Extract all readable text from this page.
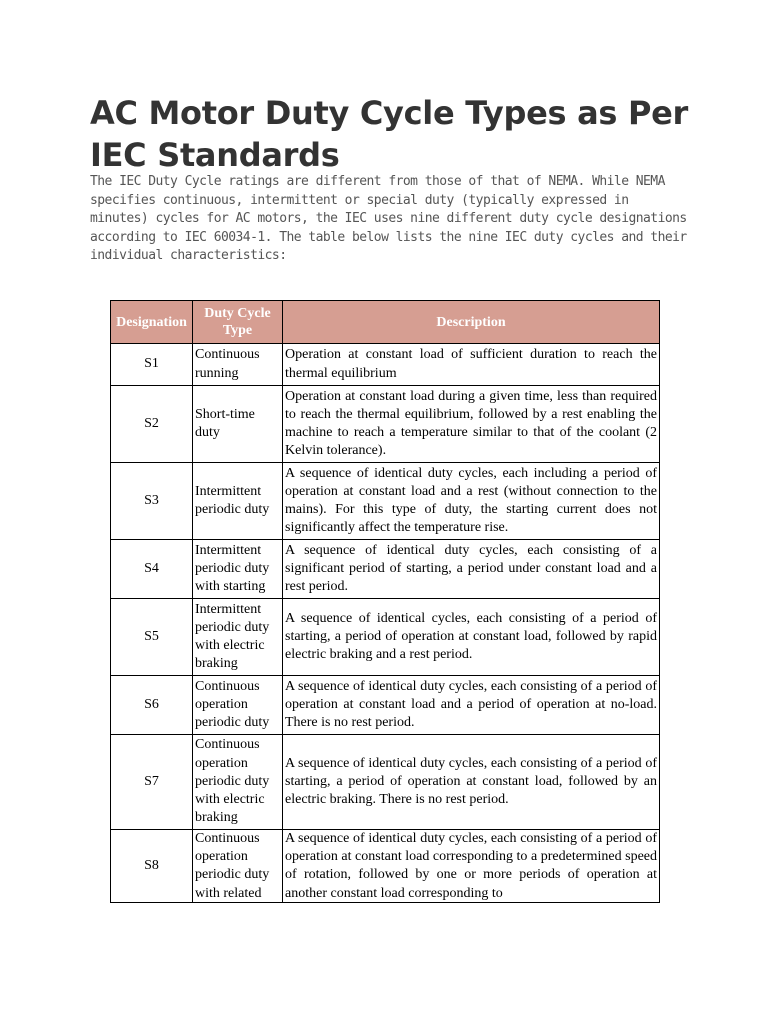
AC Motor Duty Cycle Types as Per IEC Standards

The IEC Duty Cycle ratings are different from those of that of NEMA. While NEMA specifies continuous, intermittent or special duty (typically expressed in minutes) cycles for AC motors, the IEC uses nine different duty cycle designations according to IEC 60034-1. The table below lists the nine IEC duty cycles and their individual characteristics:

Designation	Duty Cycle Type	Description
S1	Continuous running	Operation at constant load of sufficient duration to reach the thermal equilibrium
S2	Short-time duty	Operation at constant load during a given time, less than required to reach the thermal equilibrium, followed by a rest enabling the machine to reach a temperature similar to that of the coolant (2 Kelvin tolerance).
S3	Intermittent periodic duty	A sequence of identical duty cycles, each including a period of operation at constant load and a rest (without connection to the mains). For this type of duty, the starting current does not significantly affect the temperature rise.
S4	Intermittent periodic duty with starting	A sequence of identical duty cycles, each consisting of a significant period of starting, a period under constant load and a rest period.
S5	Intermittent periodic duty with electric braking	A sequence of identical cycles, each consisting of a period of starting, a period of operation at constant load, followed by rapid electric braking and a rest period.
S6	Continuous operation periodic duty	A sequence of identical duty cycles, each consisting of a period of operation at constant load and a period of operation at no-load. There is no rest period.
S7	Continuous operation periodic duty with electric braking	A sequence of identical duty cycles, each consisting of a period of starting, a period of operation at constant load, followed by an electric braking. There is no rest period.
S8	Continuous operation periodic duty with related	A sequence of identical duty cycles, each consisting of a period of operation at constant load corresponding to a predetermined speed of rotation, followed by one or more periods of operation at another constant load corresponding to
